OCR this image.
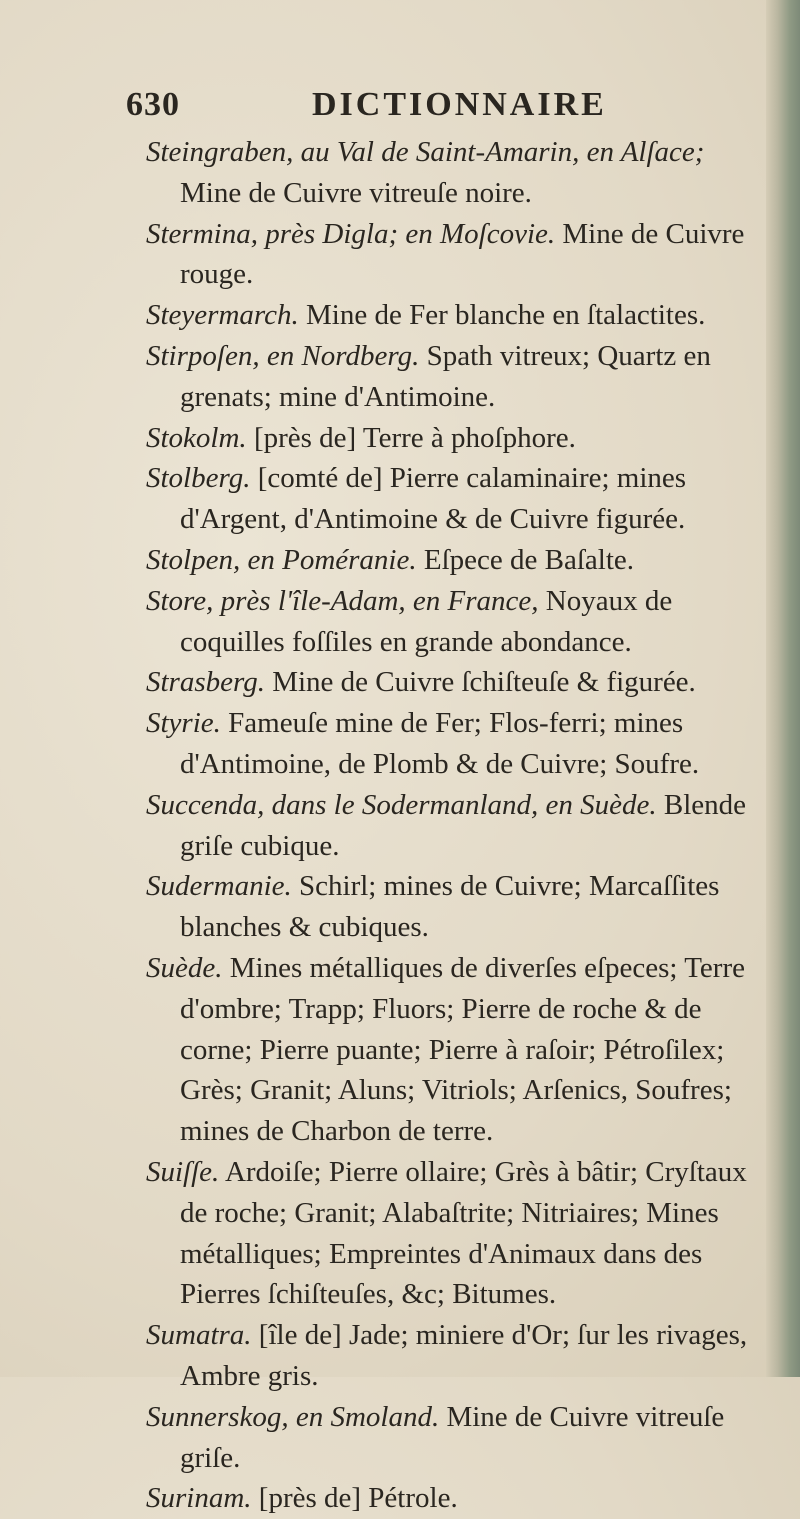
630	DICTIONNAIRE

Steingraben, au Val de Saint-Amarin, en Alſace; Mine de Cuivre vitreuſe noire.

Stermina, près Digla; en Moſcovie. Mine de Cuivre rouge.

Steyermarch. Mine de Fer blanche en ſtalactites.

Stirpoſen, en Nordberg. Spath vitreux; Quartz en grenats; mine d'Antimoine.

Stokolm. [près de] Terre à phoſphore.

Stolberg. [comté de] Pierre calaminaire; mines d'Argent, d'Antimoine & de Cuivre figurée.

Stolpen, en Poméranie. Eſpece de Baſalte.

Store, près l'île-Adam, en France, Noyaux de coquilles foſſiles en grande abondance.

Strasberg. Mine de Cuivre ſchiſteuſe & figurée.

Styrie. Fameuſe mine de Fer; Flos-ferri; mines d'Antimoine, de Plomb & de Cuivre; Soufre.

Succenda, dans le Sodermanland, en Suède. Blende griſe cubique.

Sudermanie. Schirl; mines de Cuivre; Marcaſſites blanches & cubiques.

Suède. Mines métalliques de diverſes eſpeces; Terre d'ombre; Trapp; Fluors; Pierre de roche & de corne; Pierre puante; Pierre à raſoir; Pétroſilex; Grès; Granit; Aluns; Vitriols; Arſenics, Soufres; mines de Charbon de terre.

Suiſſe. Ardoiſe; Pierre ollaire; Grès à bâtir; Cryſtaux de roche; Granit; Alabaſtrite; Nitriaires; Mines métalliques; Empreintes d'Animaux dans des Pierres ſchiſteuſes, &c; Bitumes.

Sumatra. [île de] Jade; miniere d'Or; ſur les rivages, Ambre gris.

Sunnerskog, en Smoland. Mine de Cuivre vitreuſe griſe.

Surinam. [près de] Pétrole.
